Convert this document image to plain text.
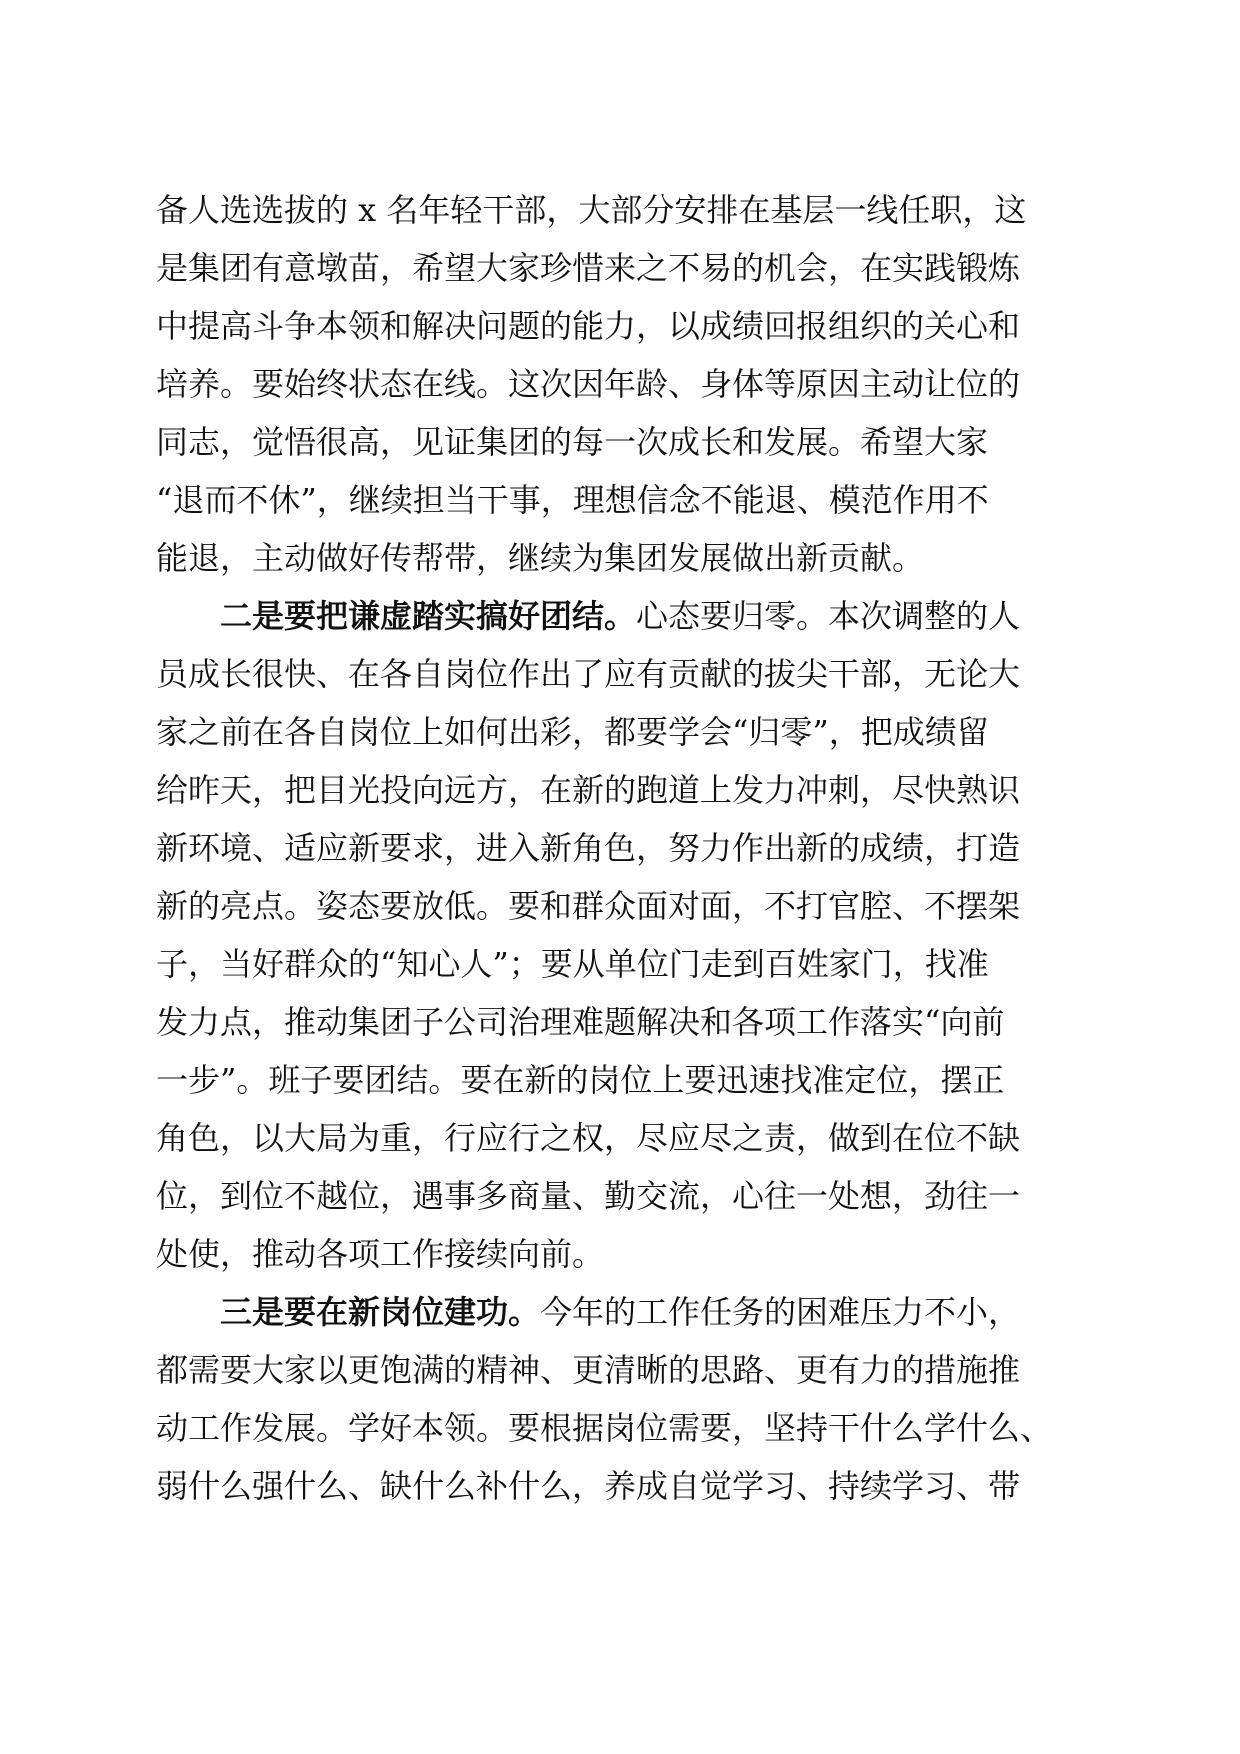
备人选选拔的 x 名年轻干部，大部分安排在基层一线任职，这
是集团有意墩苗，希望大家珍惜来之不易的机会，在实践锻炼
中提高斗争本领和解决问题的能力，以成绩回报组织的关心和
培养。要始终状态在线。这次因年龄、身体等原因主动让位的
同志，觉悟很高，见证集团的每一次成长和发展。希望大家
“退而不休”，继续担当干事，理想信念不能退、模范作用不
能退，主动做好传帮带，继续为集团发展做出新贡献。
二是要把谦虚踏实搞好团结。心态要归零。本次调整的人
员成长很快、在各自岗位作出了应有贡献的拔尖干部，无论大
家之前在各自岗位上如何出彩，都要学会“归零”，把成绩留
给昨天，把目光投向远方，在新的跑道上发力冲刺，尽快熟识
新环境、适应新要求，进入新角色，努力作出新的成绩，打造
新的亮点。姿态要放低。要和群众面对面，不打官腔、不摆架
子，当好群众的“知心人”；要从单位门走到百姓家门，找准
发力点，推动集团子公司治理难题解决和各项工作落实“向前
一步”。班子要团结。要在新的岗位上要迅速找准定位，摆正
角色，以大局为重，行应行之权，尽应尽之责，做到在位不缺
位，到位不越位，遇事多商量、勤交流，心往一处想，劲往一
处使，推动各项工作接续向前。
三是要在新岗位建功。今年的工作任务的困难压力不小，
都需要大家以更饱满的精神、更清晰的思路、更有力的措施推
动工作发展。学好本领。要根据岗位需要，坚持干什么学什么、
弱什么强什么、缺什么补什么，养成自觉学习、持续学习、带
